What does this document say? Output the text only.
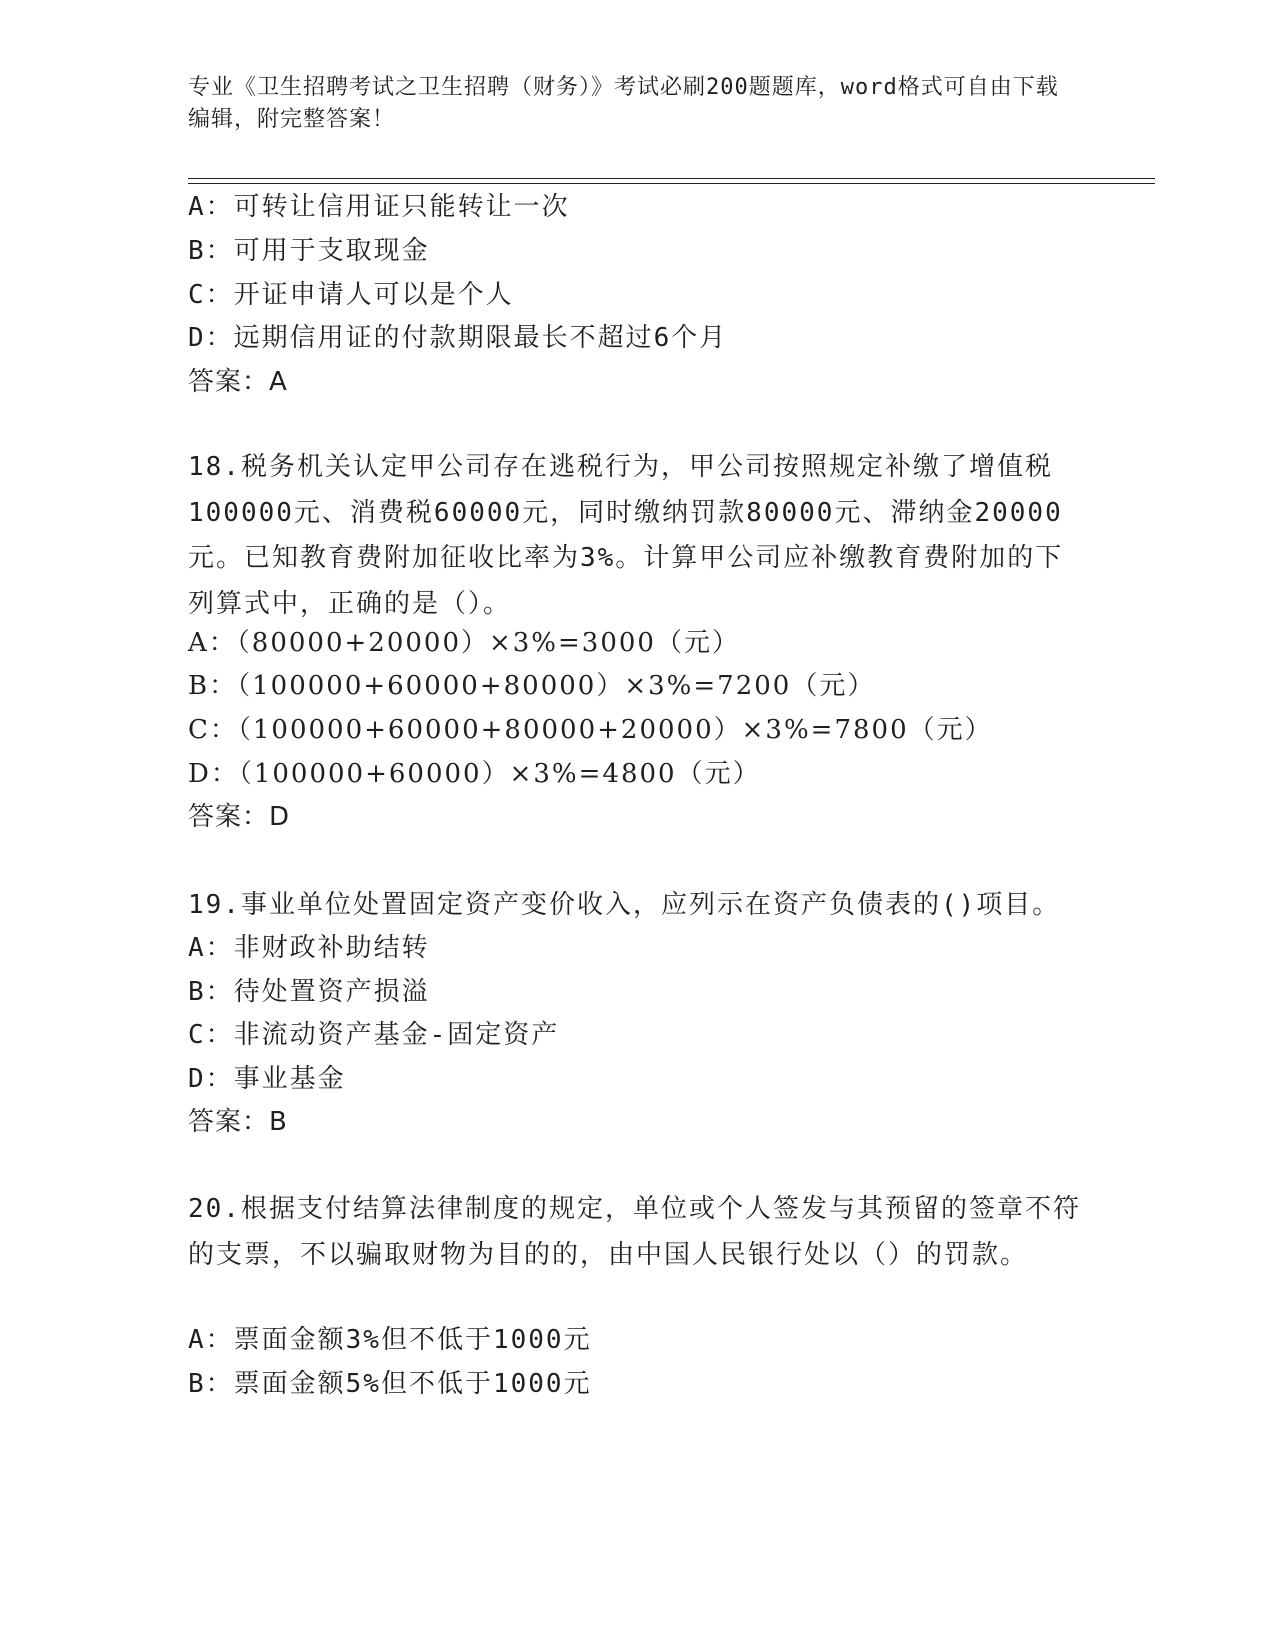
专业《卫生招聘考试之卫生招聘（财务）》考试必刷200题题库，word格式可自由下载编辑，附完整答案！
A：可转让信用证只能转让一次
B：可用于支取现金
C：开证申请人可以是个人
D：远期信用证的付款期限最长不超过6个月
答案：A
18.税务机关认定甲公司存在逃税行为，甲公司按照规定补缴了增值税100000元、消费税60000元，同时缴纳罚款80000元、滞纳金20000元。已知教育费附加征收比率为3%。计算甲公司应补缴教育费附加的下列算式中，正确的是（）。
A：（80000+20000）×3%=3000（元）
B：（100000+60000+80000）×3%=7200（元）
C：（100000+60000+80000+20000）×3%=7800（元）
D：（100000+60000）×3%=4800（元）
答案：D
19.事业单位处置固定资产变价收入，应列示在资产负债表的()项目。
A：非财政补助结转
B：待处置资产损溢
C：非流动资产基金-固定资产
D：事业基金
答案：B
20.根据支付结算法律制度的规定，单位或个人签发与其预留的签章不符的支票，不以骗取财物为目的的，由中国人民银行处以（）的罚款。
A：票面金额3%但不低于1000元
B：票面金额5%但不低于1000元
